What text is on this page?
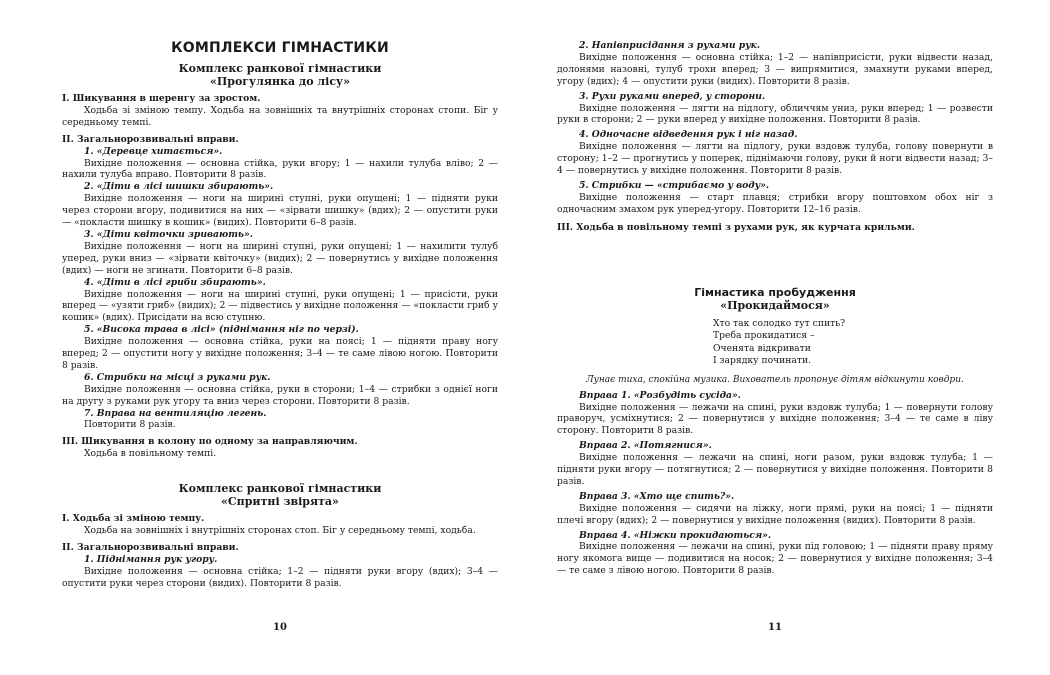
КОМПЛЕКСИ ГІМНАСТИКИ
Комплекс ранкової гімнастики
«Прогулянка до лісу»

І. Шикування в шеренгу за зростом.

Ходьба зі зміною темпу. Ходьба на зовнішніх та внутрішніх сторонах стопи. Біг у середньому темпі.

ІІ. Загальнорозвивальні вправи.

1. «Деревце хитається».

Вихідне положення — основна стійка, руки вгору; 1 — нахили тулуба вліво; 2 — нахили тулуба вправо. Повторити 8 разів.

2. «Діти в лісі шишки збирають».

Вихідне положення — ноги на ширині ступні, руки опущені; 1 — підняти руки через сторони вгору, подивитися на них — «зірвати шишку» (вдих); 2 — опустити руки — «покласти шишку в кошик» (видих). Повторити 6–8 разів.

3. «Діти квіточки зривають».

Вихідне положення — ноги на ширині ступні, руки опущені; 1 — нахилити тулуб уперед, руки вниз — «зірвати квіточку» (видих); 2 — повернутись у вихідне положення (вдих) — ноги не згинати. Повторити 6–8 разів.

4. «Діти в лісі гриби збирають».

Вихідне положення — ноги на ширині ступні, руки опущені; 1 — присісти, руки вперед — «узяти гриб» (видих); 2 — підвестись у вихідне положення — «покласти гриб у кошик» (вдих). Присідати на всю ступню.

5. «Висока трава в лісі» (піднімання ніг по черзі).

Вихідне положення — основна стійка, руки на поясі; 1 — підняти праву ногу вперед; 2 — опустити ногу у вихідне положення; 3–4 — те саме лівою ногою. Повторити 8 разів.

6. Стрибки на місці з руками рук.

Вихідне положення — основна стійка, руки в сторони; 1–4 — стрибки з однієї ноги на другу з руками рук угору та вниз через сторони. Повторити 8 разів.

7. Вправа на вентиляцію легень.

Повторити 8 разів.

ІІІ. Шикування в колону по одному за направляючим.

Ходьба в повільному темпі.

Комплекс ранкової гімнастики
«Спритні звірята»

І. Ходьба зі зміною темпу.

Ходьба на зовнішніх і внутрішніх сторонах стоп. Біг у середньому темпі, ходьба.

ІІ. Загальнорозвивальні вправи.

1. Піднімання рук угору.

Вихідне положення — основна стійка; 1–2 — підняти руки вгору (вдих); 3–4 — опустити руки через сторони (видих). Повторити 8 разів.

10

2. Напівприсідання з рухами рук.

Вихідне положення — основна стійка; 1–2 — напівприсісти, руки відвести назад, долонями назовні, тулуб трохи вперед; 3 — випрямитися, змахнути руками вперед, угору (вдих); 4 — опустити руки (видих). Повторити 8 разів.

3. Рухи руками вперед, у сторони.

Вихідне положення — лягти на підлогу, обличчям униз, руки вперед; 1 — розвести руки в сторони; 2 — руки вперед у вихідне положення. Повторити 8 разів.

4. Одночасне відведення рук і ніг назад.

Вихідне положення — лягти на підлогу, руки вздовж тулуба, голову повернути в сторону; 1–2 — прогнутись у поперек, піднімаючи голову, руки й ноги відвести назад; 3–4 — повернутись у вихідне положення. Повторити 8 разів.

5. Стрибки — «стрибаємо у воду».

Вихідне положення — старт плавця; стрибки вгору поштовхом обох ніг з одночасним змахом рук уперед-угору. Повторити 12–16 разів.

ІІІ. Ходьба в повільному темпі з рухами рук, як курчата крильми.

Гімнастика пробудження
«Прокидаймося»
Хто так солодко тут спить?
Треба прокидатися –
Оченята відкривати
І зарядку починати.
Лунає тиха, спокійна музика. Вихователь пропонує дітям відкинути ковдри.

Вправа 1. «Розбудіть сусіда».

Вихідне положення — лежачи на спині, руки вздовж тулуба; 1 — повернути голову праворуч, усміхнутися; 2 — повернутися у вихідне положення; 3–4 — те саме в ліву сторону. Повторити 8 разів.

Вправа 2. «Потягнися».

Вихідне положення — лежачи на спині, ноги разом, руки вздовж тулуба; 1 — підняти руки вгору — потягнутися; 2 — повернутися у вихідне положення. Повторити 8 разів.

Вправа 3. «Хто ще спить?».

Вихідне положення — сидячи на ліжку, ноги прямі, руки на поясі; 1 — підняти плечі вгору (вдих); 2 — повернутися у вихідне положення (видих). Повторити 8 разів.

Вправа 4. «Ніжки прокидаються».

Вихідне положення — лежачи на спині, руки під головою; 1 — підняти праву пряму ногу якомога вище — подивитися на носок; 2 — повернутися у вихідне положення; 3–4 — те саме з лівою ногою. Повторити 8 разів.

11
